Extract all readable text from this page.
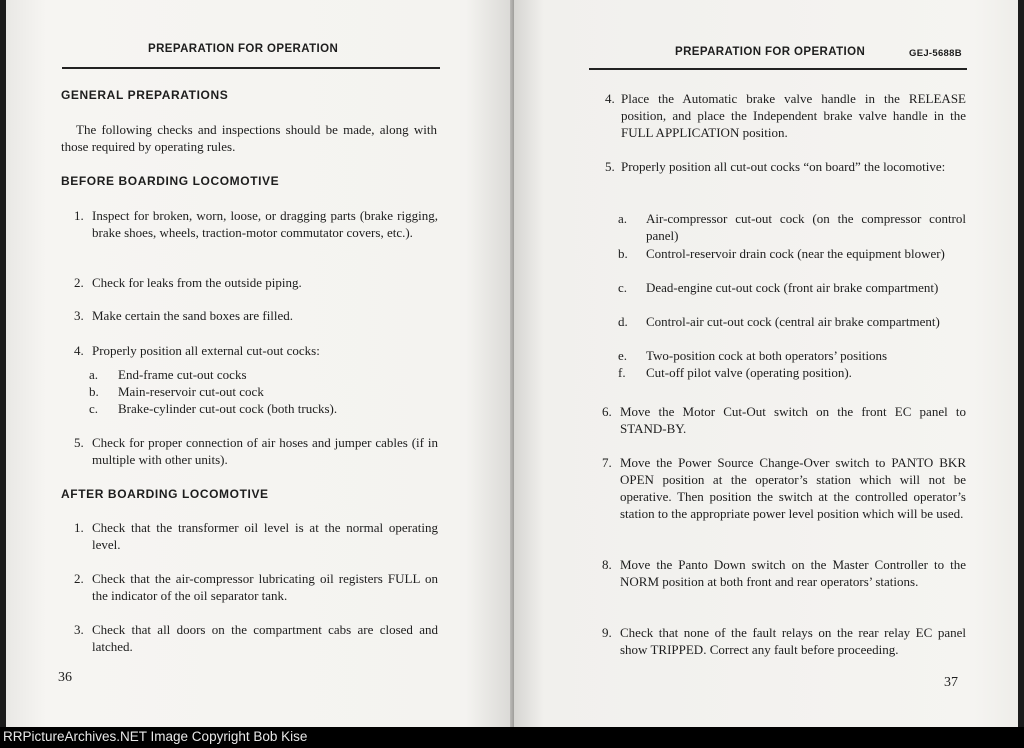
PREPARATION FOR OPERATION
GENERAL PREPARATIONS
The following checks and inspections should be made, along with those required by operating rules.
BEFORE BOARDING LOCOMOTIVE
1. Inspect for broken, worn, loose, or dragging parts (brake rigging, brake shoes, wheels, traction-motor commutator covers, etc.).
2. Check for leaks from the outside piping.
3. Make certain the sand boxes are filled.
4. Properly position all external cut-out cocks:
a. End-frame cut-out cocks
b. Main-reservoir cut-out cock
c. Brake-cylinder cut-out cock (both trucks).
5. Check for proper connection of air hoses and jumper cables (if in multiple with other units).
AFTER BOARDING LOCOMOTIVE
1. Check that the transformer oil level is at the normal operating level.
2. Check that the air-compressor lubricating oil registers FULL on the indicator of the oil separator tank.
3. Check that all doors on the compartment cabs are closed and latched.
36
PREPARATION FOR OPERATION	GEJ-5688B
4. Place the Automatic brake valve handle in the RELEASE position, and place the Independent brake valve handle in the FULL APPLICATION position.
5. Properly position all cut-out cocks “on board” the locomotive:
a. Air-compressor cut-out cock (on the compressor control panel)
b. Control-reservoir drain cock (near the equipment blower)
c. Dead-engine cut-out cock (front air brake compartment)
d. Control-air cut-out cock (central air brake compartment)
e. Two-position cock at both operators’ positions
f. Cut-off pilot valve (operating position).
6. Move the Motor Cut-Out switch on the front EC panel to STAND-BY.
7. Move the Power Source Change-Over switch to PANTO BKR OPEN position at the operator’s station which will not be operative. Then position the switch at the controlled operator’s station to the appropriate power level position which will be used.
8. Move the Panto Down switch on the Master Controller to the NORM position at both front and rear operators’ stations.
9. Check that none of the fault relays on the rear relay EC panel show TRIPPED. Correct any fault before proceeding.
37
RRPictureArchives.NET Image Copyright Bob Kise
